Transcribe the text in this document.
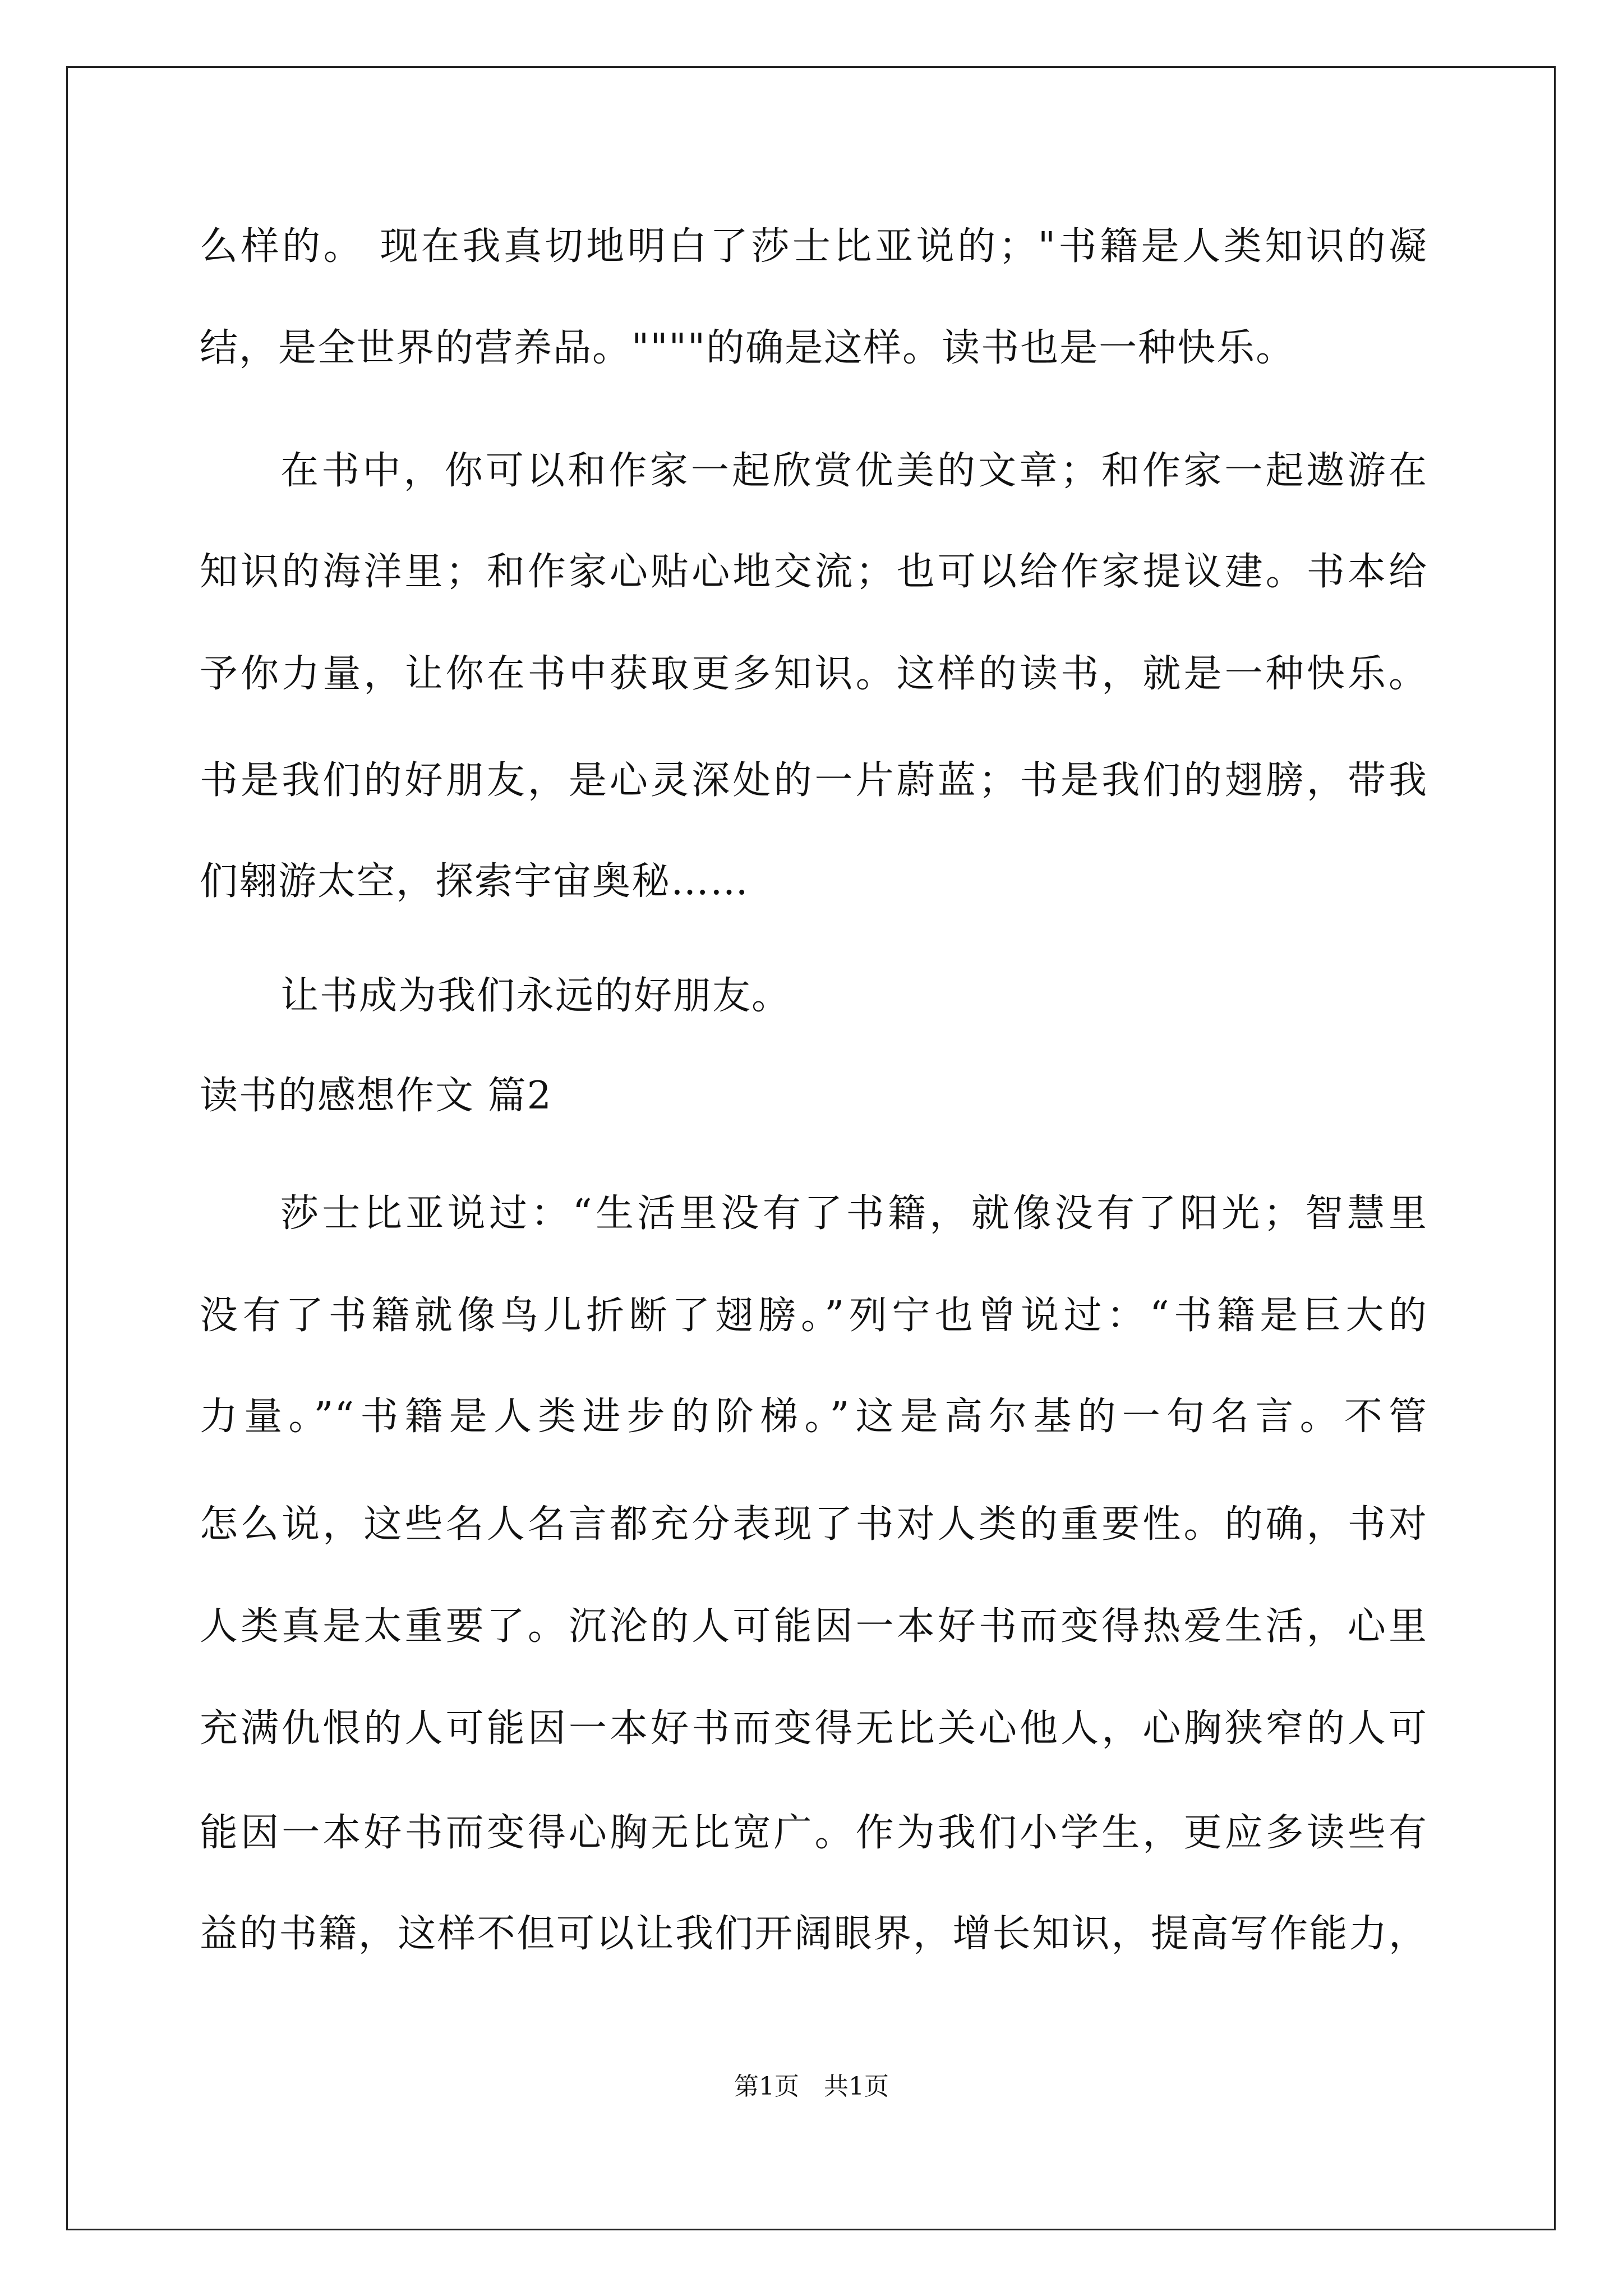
么样的。 现在我真切地明白了莎士比亚说的；"书籍是人类知识的凝

结，是全世界的营养品。""""的确是这样。读书也是一种快乐。

在书中，你可以和作家一起欣赏优美的文章；和作家一起遨游在

知识的海洋里；和作家心贴心地交流；也可以给作家提议建。书本给

予你力量，让你在书中获取更多知识。这样的读书，就是一种快乐。

书是我们的好朋友，是心灵深处的一片蔚蓝；书是我们的翅膀，带我

们翱游太空，探索宇宙奥秘……

让书成为我们永远的好朋友。

读书的感想作文 篇2

莎士比亚说过：“生活里没有了书籍，就像没有了阳光；智慧里

没有了书籍就像鸟儿折断了翅膀。”列宁也曾说过：“书籍是巨大的

力量。”“书籍是人类进步的阶梯。”这是高尔基的一句名言。不管

怎么说，这些名人名言都充分表现了书对人类的重要性。的确，书对

人类真是太重要了。沉沦的人可能因一本好书而变得热爱生活，心里

充满仇恨的人可能因一本好书而变得无比关心他人，心胸狭窄的人可

能因一本好书而变得心胸无比宽广。作为我们小学生，更应多读些有

益的书籍，这样不但可以让我们开阔眼界，增长知识，提高写作能力，

第1页　共1页
